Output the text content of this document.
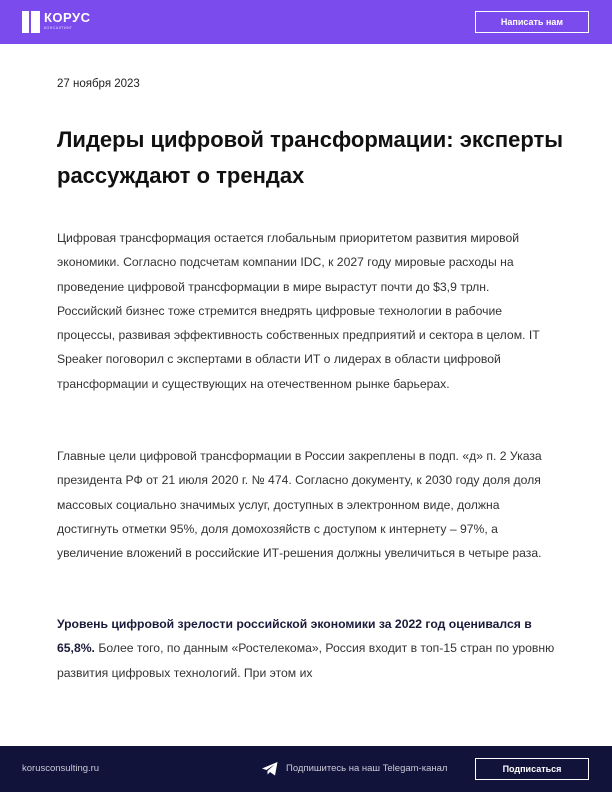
КОРУС
КОНСАЛТИНГ
Написать нам
27 ноября 2023
Лидеры цифровой трансформации: эксперты рассуждают о трендах

Цифровая трансформация остается глобальным приоритетом развития мировой экономики. Согласно подсчетам компании IDC, к 2027 году мировые расходы на проведение цифровой трансформации в мире вырастут почти до $3,9 трлн. Российский бизнес тоже стремится внедрять цифровые технологии в рабочие процессы, развивая эффективность собственных предприятий и сектора в целом. IT Speaker поговорил с экспертами в области ИТ о лидерах в области цифровой трансформации и существующих на отечественном рынке барьерах.

Главные цели цифровой трансформации в России закреплены в подп. «д» п. 2 Указа президента РФ от 21 июля 2020 г. № 474. Согласно документу, к 2030 году доля доля массовых социально значимых услуг, доступных в электронном виде, должна достигнуть отметки 95%, доля домохозяйств с доступом к интернету – 97%, а увеличение вложений в российские ИТ-решения должны увеличиться в четыре раза.

Уровень цифровой зрелости российской экономики за 2022 год оценивался в 65,8%. Более того, по данным «Ростелекома», Россия входит в топ-15 стран по уровню развития цифровых технологий. При этом их

korusconsulting.ru	Подпишитесь на наш Telegam-канал	Подписаться
